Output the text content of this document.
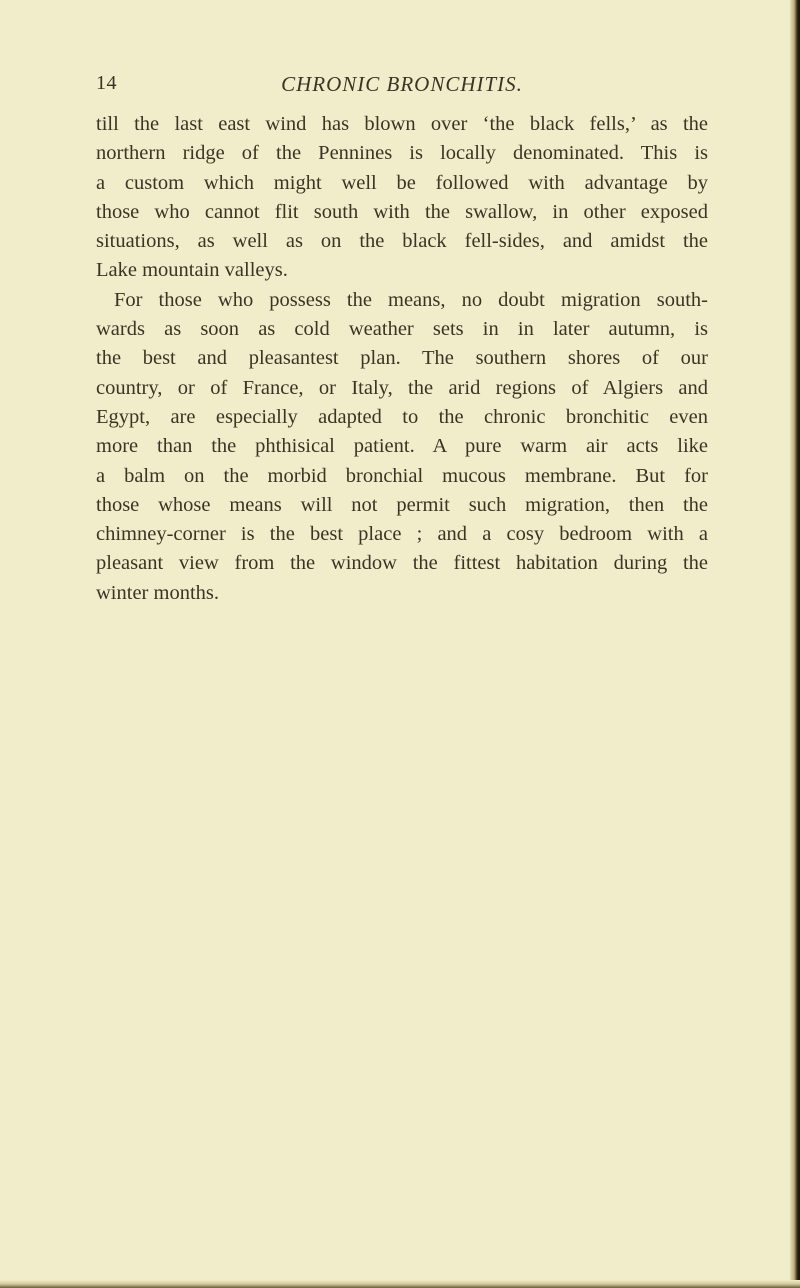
14	CHRONIC BRONCHITIS.
till the last east wind has blown over ‘the black fells,’ as the
northern ridge of the Pennines is locally denominated. This is
a custom which might well be followed with advantage by
those who cannot flit south with the swallow, in other exposed
situations, as well as on the black fell-sides, and amidst the
Lake mountain valleys.
For those who possess the means, no doubt migration south-
wards as soon as cold weather sets in in later autumn, is
the best and pleasantest plan. The southern shores of our
country, or of France, or Italy, the arid regions of Algiers and
Egypt, are especially adapted to the chronic bronchitic even
more than the phthisical patient. A pure warm air acts like
a balm on the morbid bronchial mucous membrane. But for
those whose means will not permit such migration, then the
chimney-corner is the best place ; and a cosy bedroom with a
pleasant view from the window the fittest habitation during the
winter months.
